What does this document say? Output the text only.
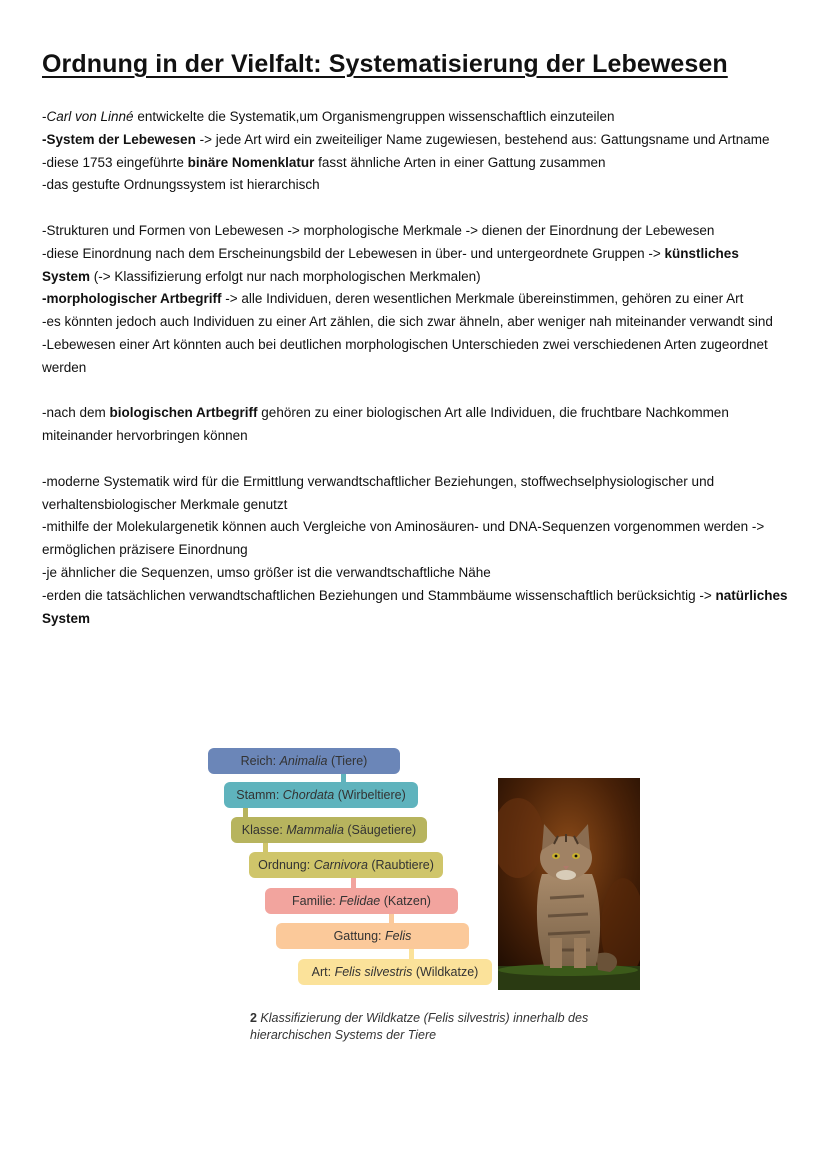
Ordnung in der Vielfalt: Systematisierung der Lebewesen

-Carl von Linné entwickelte die Systematik,um Organismengruppen wissenschaftlich einzuteilen

-System der Lebewesen -> jede Art wird ein zweiteiliger Name zugewiesen, bestehend aus: Gattungsname und Artname

-diese 1753 eingeführte binäre Nomenklatur fasst ähnliche Arten in einer Gattung zusammen

-das gestufte Ordnungssystem ist hierarchisch

-Strukturen und Formen von Lebewesen -> morphologische Merkmale -> dienen der Einordnung der Lebewesen

-diese Einordnung nach dem Erscheinungsbild der Lebewesen in über- und untergeordnete Gruppen -> künstliches System (-> Klassifizierung erfolgt nur nach morphologischen Merkmalen)

-morphologischer Artbegriff -> alle Individuen, deren wesentlichen Merkmale übereinstimmen, gehören zu einer Art

-es könnten jedoch auch Individuen zu einer Art zählen, die sich zwar ähneln, aber weniger nah miteinander verwandt sind

-Lebewesen einer Art könnten auch bei deutlichen morphologischen Unterschieden zwei verschiedenen Arten zugeordnet werden

-nach dem biologischen Artbegriff gehören zu einer biologischen Art alle Individuen, die fruchtbare Nachkommen miteinander hervorbringen können

-moderne Systematik wird für die Ermittlung verwandtschaftlicher Beziehungen, stoffwechselphysiologischer und verhaltensbiologischer Merkmale genutzt

-mithilfe der Molekulargenetik können auch Vergleiche von Aminosäuren- und DNA-Sequenzen vorgenommen werden -> ermöglichen präzisere Einordnung

-je ähnlicher die Sequenzen, umso größer ist die verwandtschaftliche Nähe

-erden die tatsächlichen verwandtschaftlichen Beziehungen und Stammbäume wissenschaftlich berücksichtig -> natürliches System

Reich: Animalia (Tiere)
Stamm: Chordata (Wirbeltiere)
Klasse: Mammalia (Säugetiere)
Ordnung: Carnivora (Raubtiere)
Familie: Felidae (Katzen)
Gattung: Felis
Art: Felis silvestris (Wildkatze)
2 Klassifizierung der Wildkatze (Felis silvestris) innerhalb des hierarchischen Systems der Tiere
